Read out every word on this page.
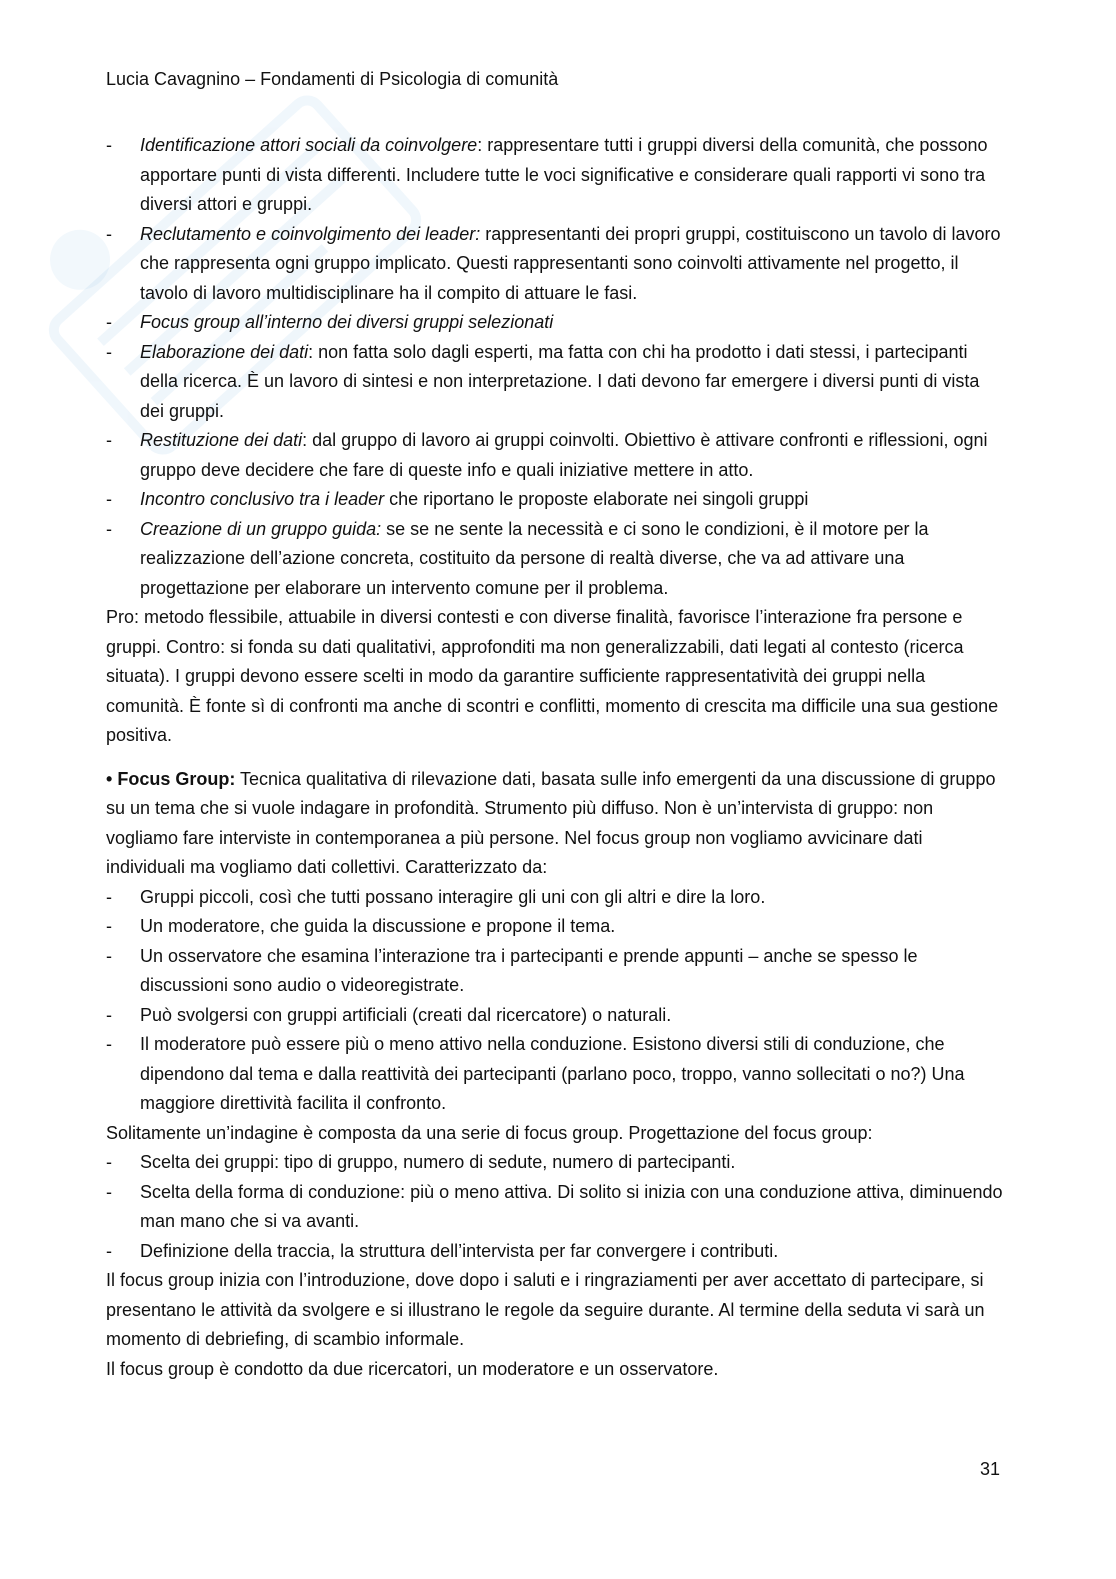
Lucia Cavagnino – Fondamenti di Psicologia di comunità
- Identificazione attori sociali da coinvolgere: rappresentare tutti i gruppi diversi della comunità, che possono apportare punti di vista differenti. Includere tutte le voci significative e considerare quali rapporti vi sono tra diversi attori e gruppi.
- Reclutamento e coinvolgimento dei leader: rappresentanti dei propri gruppi, costituiscono un tavolo di lavoro che rappresenta ogni gruppo implicato. Questi rappresentanti sono coinvolti attivamente nel progetto, il tavolo di lavoro multidisciplinare ha il compito di attuare le fasi.
- Focus group all’interno dei diversi gruppi selezionati
- Elaborazione dei dati: non fatta solo dagli esperti, ma fatta con chi ha prodotto i dati stessi, i partecipanti della ricerca. È un lavoro di sintesi e non interpretazione. I dati devono far emergere i diversi punti di vista dei gruppi.
- Restituzione dei dati: dal gruppo di lavoro ai gruppi coinvolti. Obiettivo è attivare confronti e riflessioni, ogni gruppo deve decidere che fare di queste info e quali iniziative mettere in atto.
- Incontro conclusivo tra i leader che riportano le proposte elaborate nei singoli gruppi
- Creazione di un gruppo guida: se se ne sente la necessità e ci sono le condizioni, è il motore per la realizzazione dell’azione concreta, costituito da persone di realtà diverse, che va ad attivare una progettazione per elaborare un intervento comune per il problema.

Pro: metodo flessibile, attuabile in diversi contesti e con diverse finalità, favorisce l’interazione fra persone e gruppi. Contro: si fonda su dati qualitativi, approfonditi ma non generalizzabili, dati legati al contesto (ricerca situata). I gruppi devono essere scelti in modo da garantire sufficiente rappresentatività dei gruppi nella comunità. È fonte sì di confronti ma anche di scontri e conflitti, momento di crescita ma difficile una sua gestione positiva.

• Focus Group: Tecnica qualitativa di rilevazione dati, basata sulle info emergenti da una discussione di gruppo su un tema che si vuole indagare in profondità. Strumento più diffuso. Non è un’intervista di gruppo: non vogliamo fare interviste in contemporanea a più persone. Nel focus group non vogliamo avvicinare dati individuali ma vogliamo dati collettivi. Caratterizzato da:

- Gruppi piccoli, così che tutti possano interagire gli uni con gli altri e dire la loro.
- Un moderatore, che guida la discussione e propone il tema.
- Un osservatore che esamina l’interazione tra i partecipanti e prende appunti – anche se spesso le discussioni sono audio o videoregistrate.
- Può svolgersi con gruppi artificiali (creati dal ricercatore) o naturali.
- Il moderatore può essere più o meno attivo nella conduzione. Esistono diversi stili di conduzione, che dipendono dal tema e dalla reattività dei partecipanti (parlano poco, troppo, vanno sollecitati o no?) Una maggiore direttività facilita il confronto.

Solitamente un’indagine è composta da una serie di focus group. Progettazione del focus group:

- Scelta dei gruppi: tipo di gruppo, numero di sedute, numero di partecipanti.
- Scelta della forma di conduzione: più o meno attiva. Di solito si inizia con una conduzione attiva, diminuendo man mano che si va avanti.
- Definizione della traccia, la struttura dell’intervista per far convergere i contributi.

Il focus group inizia con l’introduzione, dove dopo i saluti e i ringraziamenti per aver accettato di partecipare, si presentano le attività da svolgere e si illustrano le regole da seguire durante. Al termine della seduta vi sarà un momento di debriefing, di scambio informale.

Il focus group è condotto da due ricercatori, un moderatore e un osservatore.

31
